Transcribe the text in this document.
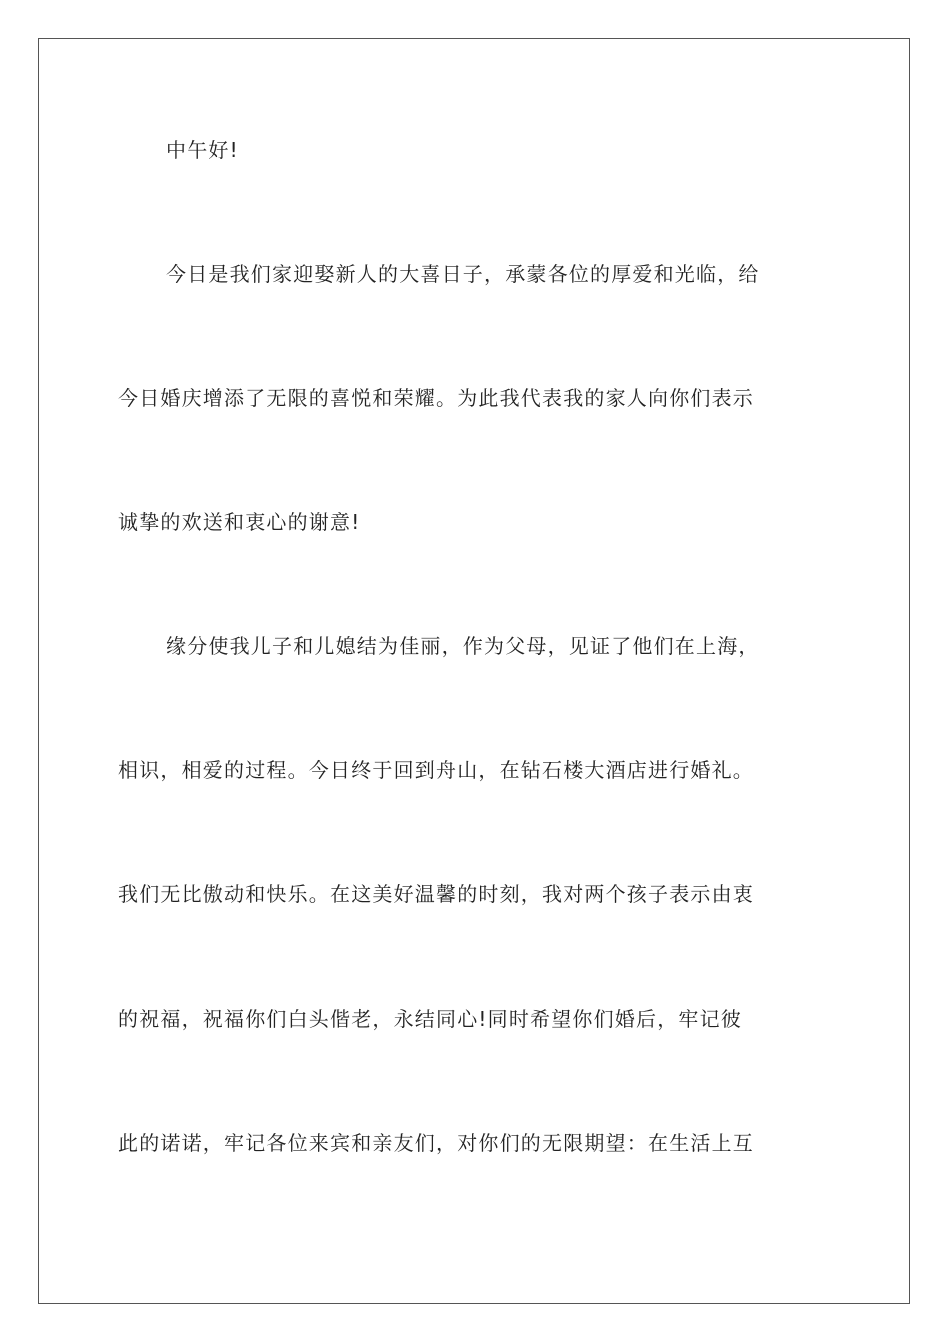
中午好!
今日是我们家迎娶新人的大喜日子，承蒙各位的厚爱和光临，给
今日婚庆增添了无限的喜悦和荣耀。为此我代表我的家人向你们表示
诚挚的欢送和衷心的谢意!
缘分使我儿子和儿媳结为佳丽，作为父母，见证了他们在上海，
相识，相爱的过程。今日终于回到舟山，在钻石楼大酒店进行婚礼。
我们无比傲动和快乐。在这美好温馨的时刻，我对两个孩子表示由衷
的祝福，祝福你们白头偕老，永结同心!同时希望你们婚后，牢记彼
此的诺诺，牢记各位来宾和亲友们，对你们的无限期望：在生活上互
